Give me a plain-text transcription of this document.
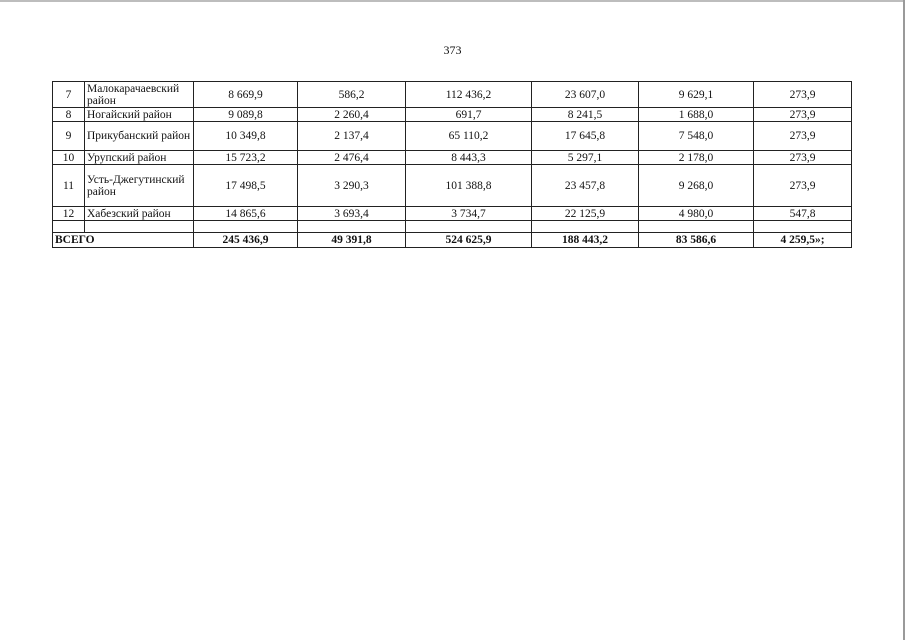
373
7	Малокарачаевский район	8 669,9	586,2	112 436,2	23 607,0	9 629,1	273,9
8	Ногайский район	9 089,8	2 260,4	691,7	8 241,5	1 688,0	273,9
9	Прикубанский район	10 349,8	2 137,4	65 110,2	17 645,8	7 548,0	273,9
10	Урупский район	15 723,2	2 476,4	8 443,3	5 297,1	2 178,0	273,9
11	Усть-Джегутинский район	17 498,5	3 290,3	101 388,8	23 457,8	9 268,0	273,9
12	Хабезский район	14 865,6	3 693,4	3 734,7	22 125,9	4 980,0	547,8

ВСЕГО		245 436,9	49 391,8	524 625,9	188 443,2	83 586,6	4 259,5»;
